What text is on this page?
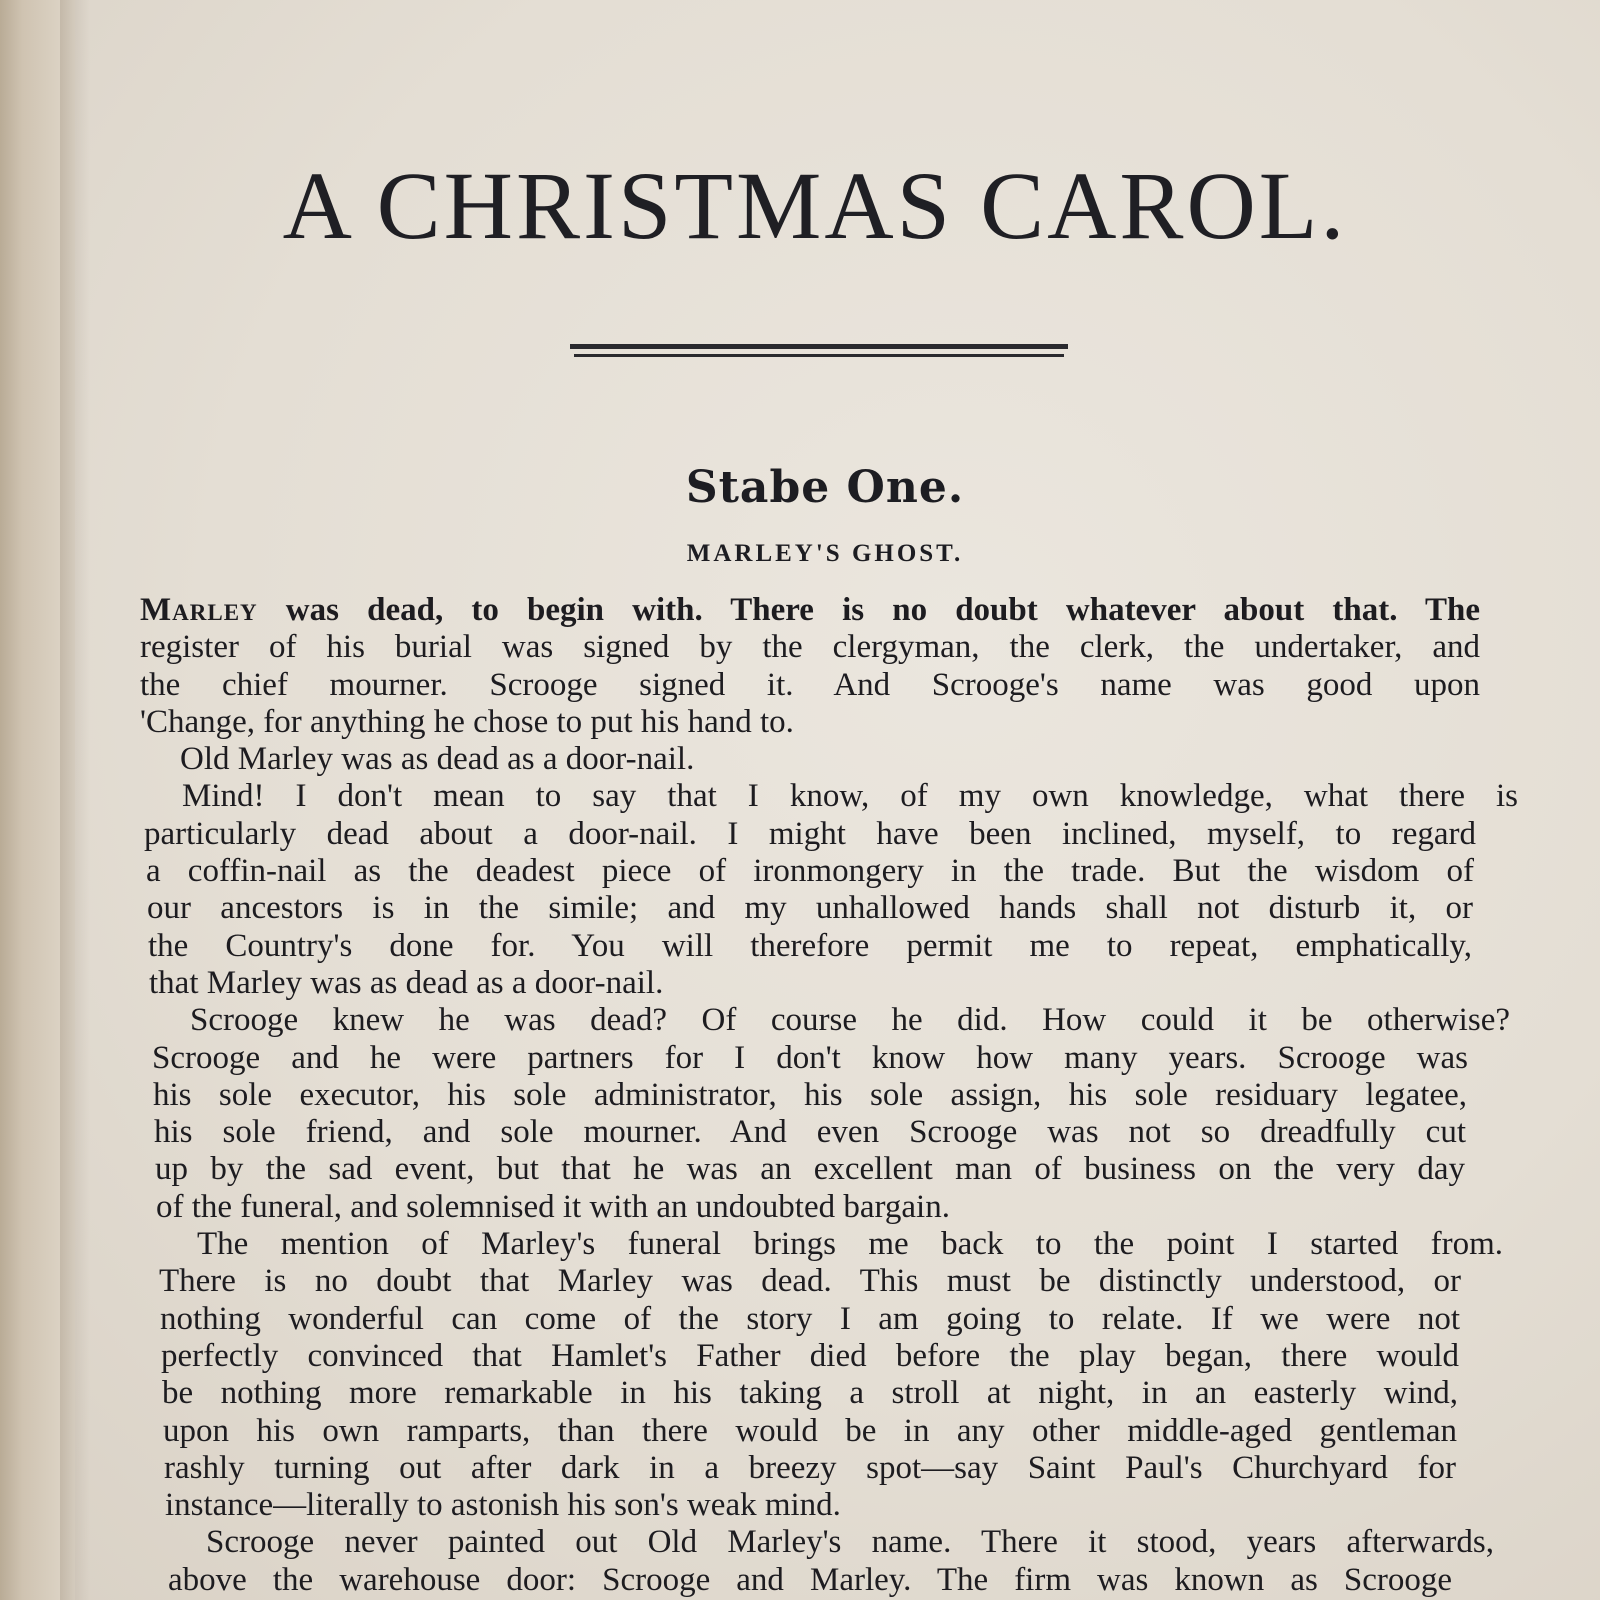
A CHRISTMAS CAROL.
Stabe One.
MARLEY'S GHOST.
Marley was dead, to begin with. There is no doubt whatever about that. The
register of his burial was signed by the clergyman, the clerk, the undertaker, and
the chief mourner. Scrooge signed it. And Scrooge's name was good upon
'Change, for anything he chose to put his hand to.
Old Marley was as dead as a door-nail.
Mind! I don't mean to say that I know, of my own knowledge, what there is
particularly dead about a door-nail. I might have been inclined, myself, to regard
a coffin-nail as the deadest piece of ironmongery in the trade. But the wisdom of
our ancestors is in the simile; and my unhallowed hands shall not disturb it, or
the Country's done for. You will therefore permit me to repeat, emphatically,
that Marley was as dead as a door-nail.
Scrooge knew he was dead? Of course he did. How could it be otherwise?
Scrooge and he were partners for I don't know how many years. Scrooge was
his sole executor, his sole administrator, his sole assign, his sole residuary legatee,
his sole friend, and sole mourner. And even Scrooge was not so dreadfully cut
up by the sad event, but that he was an excellent man of business on the very day
of the funeral, and solemnised it with an undoubted bargain.
The mention of Marley's funeral brings me back to the point I started from.
There is no doubt that Marley was dead. This must be distinctly understood, or
nothing wonderful can come of the story I am going to relate. If we were not
perfectly convinced that Hamlet's Father died before the play began, there would
be nothing more remarkable in his taking a stroll at night, in an easterly wind,
upon his own ramparts, than there would be in any other middle-aged gentleman
rashly turning out after dark in a breezy spot—say Saint Paul's Churchyard for
instance—literally to astonish his son's weak mind.
Scrooge never painted out Old Marley's name. There it stood, years afterwards,
above the warehouse door: Scrooge and Marley. The firm was known as Scrooge
